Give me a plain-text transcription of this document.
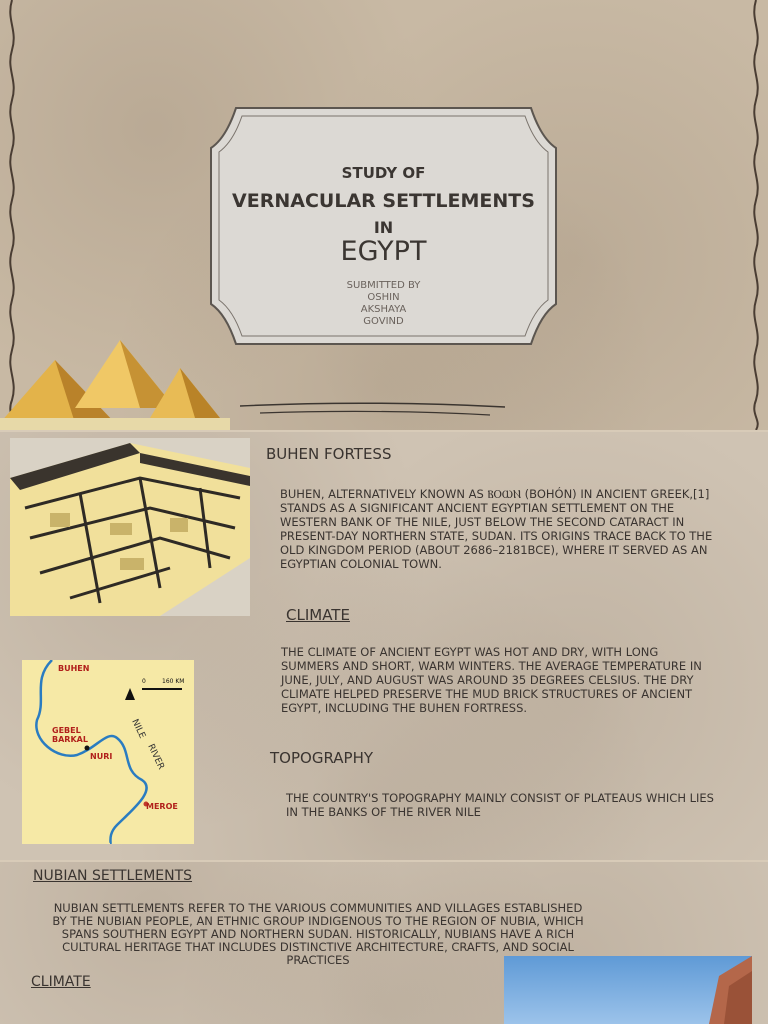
STUDY OF
VERNACULAR SETTLEMENTS
IN
EGYPT
SUBMITTED BY
OSHIN
AKSHAYA
GOVIND
BUHEN FORTESS
BUHEN, ALTERNATIVELY KNOWN AS ⲂⲞⲰⲚ (BOHÓN) IN ANCIENT GREEK,[1]
STANDS AS A SIGNIFICANT ANCIENT EGYPTIAN SETTLEMENT ON THE
WESTERN BANK OF THE NILE, JUST BELOW THE SECOND CATARACT IN
PRESENT-DAY NORTHERN STATE, SUDAN. ITS ORIGINS TRACE BACK TO THE
OLD KINGDOM PERIOD (ABOUT 2686–2181BCE), WHERE IT SERVED AS AN
EGYPTIAN COLONIAL TOWN.
CLIMATE
THE CLIMATE OF ANCIENT EGYPT WAS HOT AND DRY, WITH LONG
SUMMERS AND SHORT, WARM WINTERS. THE AVERAGE TEMPERATURE IN
JUNE, JULY, AND AUGUST WAS AROUND 35 DEGREES CELSIUS. THE DRY
CLIMATE HELPED PRESERVE THE MUD BRICK STRUCTURES OF ANCIENT
EGYPT, INCLUDING THE BUHEN FORTRESS.
TOPOGRAPHY
THE COUNTRY'S TOPOGRAPHY MAINLY CONSIST OF PLATEAUS WHICH LIES
IN THE BANKS OF THE RIVER NILE
BUHEN
GEBEL
BARKAL
NURI
MEROE
NILE
RIVER
0	160 KM
NUBIAN SETTLEMENTS
NUBIAN SETTLEMENTS REFER TO THE VARIOUS COMMUNITIES AND VILLAGES ESTABLISHED
BY THE NUBIAN PEOPLE, AN ETHNIC GROUP INDIGENOUS TO THE REGION OF NUBIA, WHICH
SPANS SOUTHERN EGYPT AND NORTHERN SUDAN. HISTORICALLY, NUBIANS HAVE A RICH
CULTURAL HERITAGE THAT INCLUDES DISTINCTIVE ARCHITECTURE, CRAFTS, AND SOCIAL
PRACTICES
CLIMATE
